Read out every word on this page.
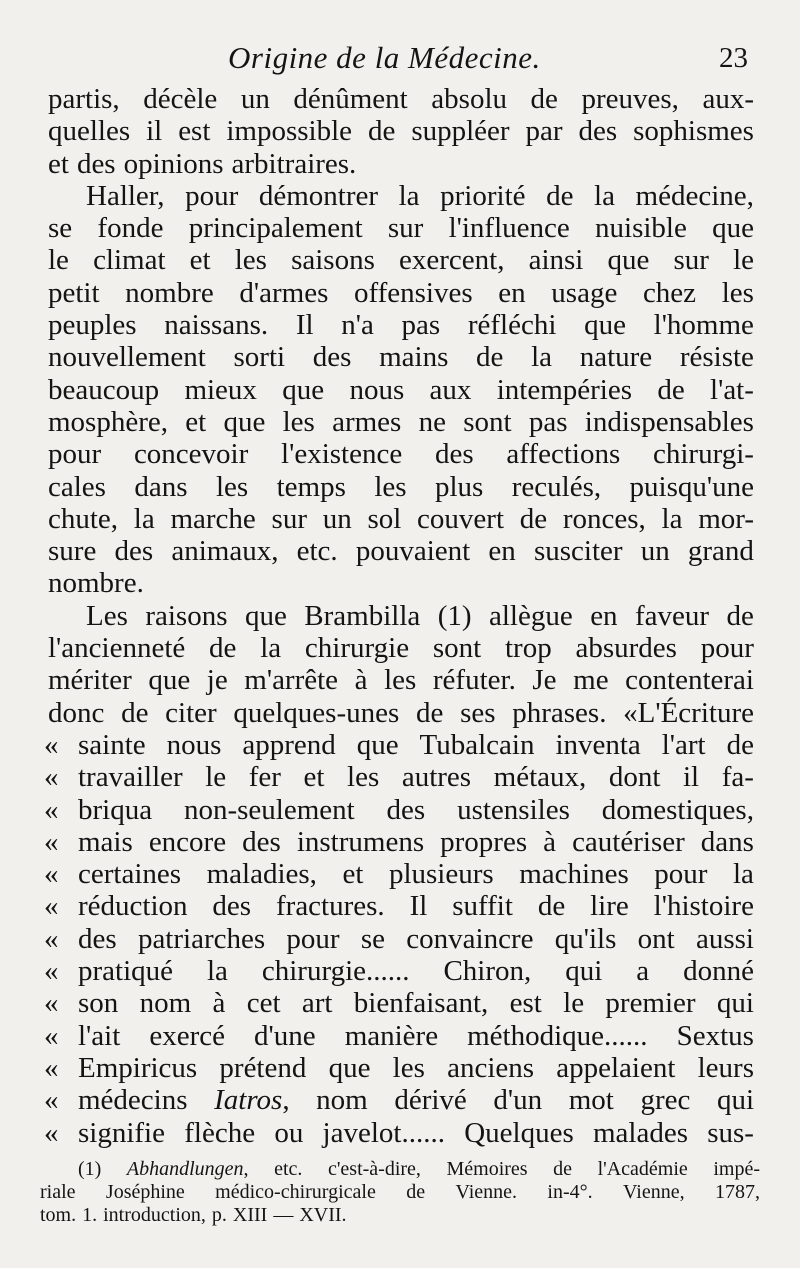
Origine de la Médecine.	23
partis, décèle un dénûment absolu de preuves, aux-
quelles il est impossible de suppléer par des sophismes
et des opinions arbitraires.
Haller, pour démontrer la priorité de la médecine,
se fonde principalement sur l'influence nuisible que
le climat et les saisons exercent, ainsi que sur le
petit nombre d'armes offensives en usage chez les
peuples naissans. Il n'a pas réfléchi que l'homme
nouvellement sorti des mains de la nature résiste
beaucoup mieux que nous aux intempéries de l'at-
mosphère, et que les armes ne sont pas indispensables
pour concevoir l'existence des affections chirurgi-
cales dans les temps les plus reculés, puisqu'une
chute, la marche sur un sol couvert de ronces, la mor-
sure des animaux, etc. pouvaient en susciter un grand
nombre.
Les raisons que Brambilla (1) allègue en faveur de
l'ancienneté de la chirurgie sont trop absurdes pour
mériter que je m'arrête à les réfuter. Je me contenterai
donc de citer quelques-unes de ses phrases. «L'Écriture
« sainte nous apprend que Tubalcain inventa l'art de
« travailler le fer et les autres métaux, dont il fa-
« briqua non-seulement des ustensiles domestiques,
« mais encore des instrumens propres à cautériser dans
« certaines maladies, et plusieurs machines pour la
« réduction des fractures. Il suffit de lire l'histoire
« des patriarches pour se convaincre qu'ils ont aussi
« pratiqué la chirurgie...... Chiron, qui a donné
« son nom à cet art bienfaisant, est le premier qui
« l'ait exercé d'une manière méthodique...... Sextus
« Empiricus prétend que les anciens appelaient leurs
« médecins Iatros, nom dérivé d'un mot grec qui
« signifie flèche ou javelot...... Quelques malades sus-
(1) Abhandlungen, etc. c'est-à-dire, Mémoires de l'Académie impé-
riale Joséphine médico-chirurgicale de Vienne. in-4°. Vienne, 1787,
tom. 1. introduction, p. XIII — XVII.
